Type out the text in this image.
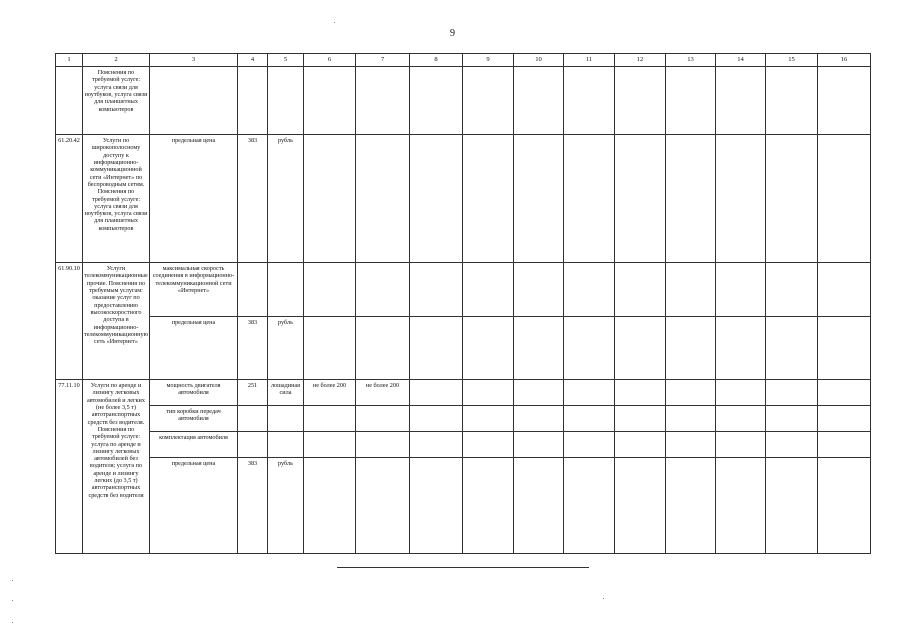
9
1	2	3	4	5	6	7	8	9	10	11	12	13	14	15	16
	Пояснения по требуемой услуге: услуга связи для ноутбуков, услуга связи для планшетных компьютеров														
61.20.42	Услуги по широкополосному доступу к информационно-коммуникационной сети «Интернет» по беспроводным сетям. Пояснения по требуемой услуге: услуга связи для ноутбуков, услуга связи для планшетных компьютеров	предельная цена	383	рубль											
61.90.10	Услуги телекоммуникационные прочие. Пояснения по требуемым услугам: оказание услуг по предоставлению высокоскоростного доступа в информационно-телекоммуникационную сеть «Интернет»	максимальная скорость соединения в информационно-телекоммуникационной сети «Интернет»													
		предельная цена	383	рубль											
77.11.10	Услуги по аренде и лизингу легковых автомобилей и легких (не более 3,5 т) автотранспортных средств без водителя. Пояснения по требуемой услуге: услуга по аренде и лизингу легковых автомобилей без водителя; услуга по аренде и лизингу легких (до 3,5 т) автотранспортных средств без водителя	мощность двигателя автомобиля	251	лошадиная сила	не более 200	не более 200									
		тип коробки передач автомобиля													
		комплектация автомобиля													
		предельная цена	383	рубль											
